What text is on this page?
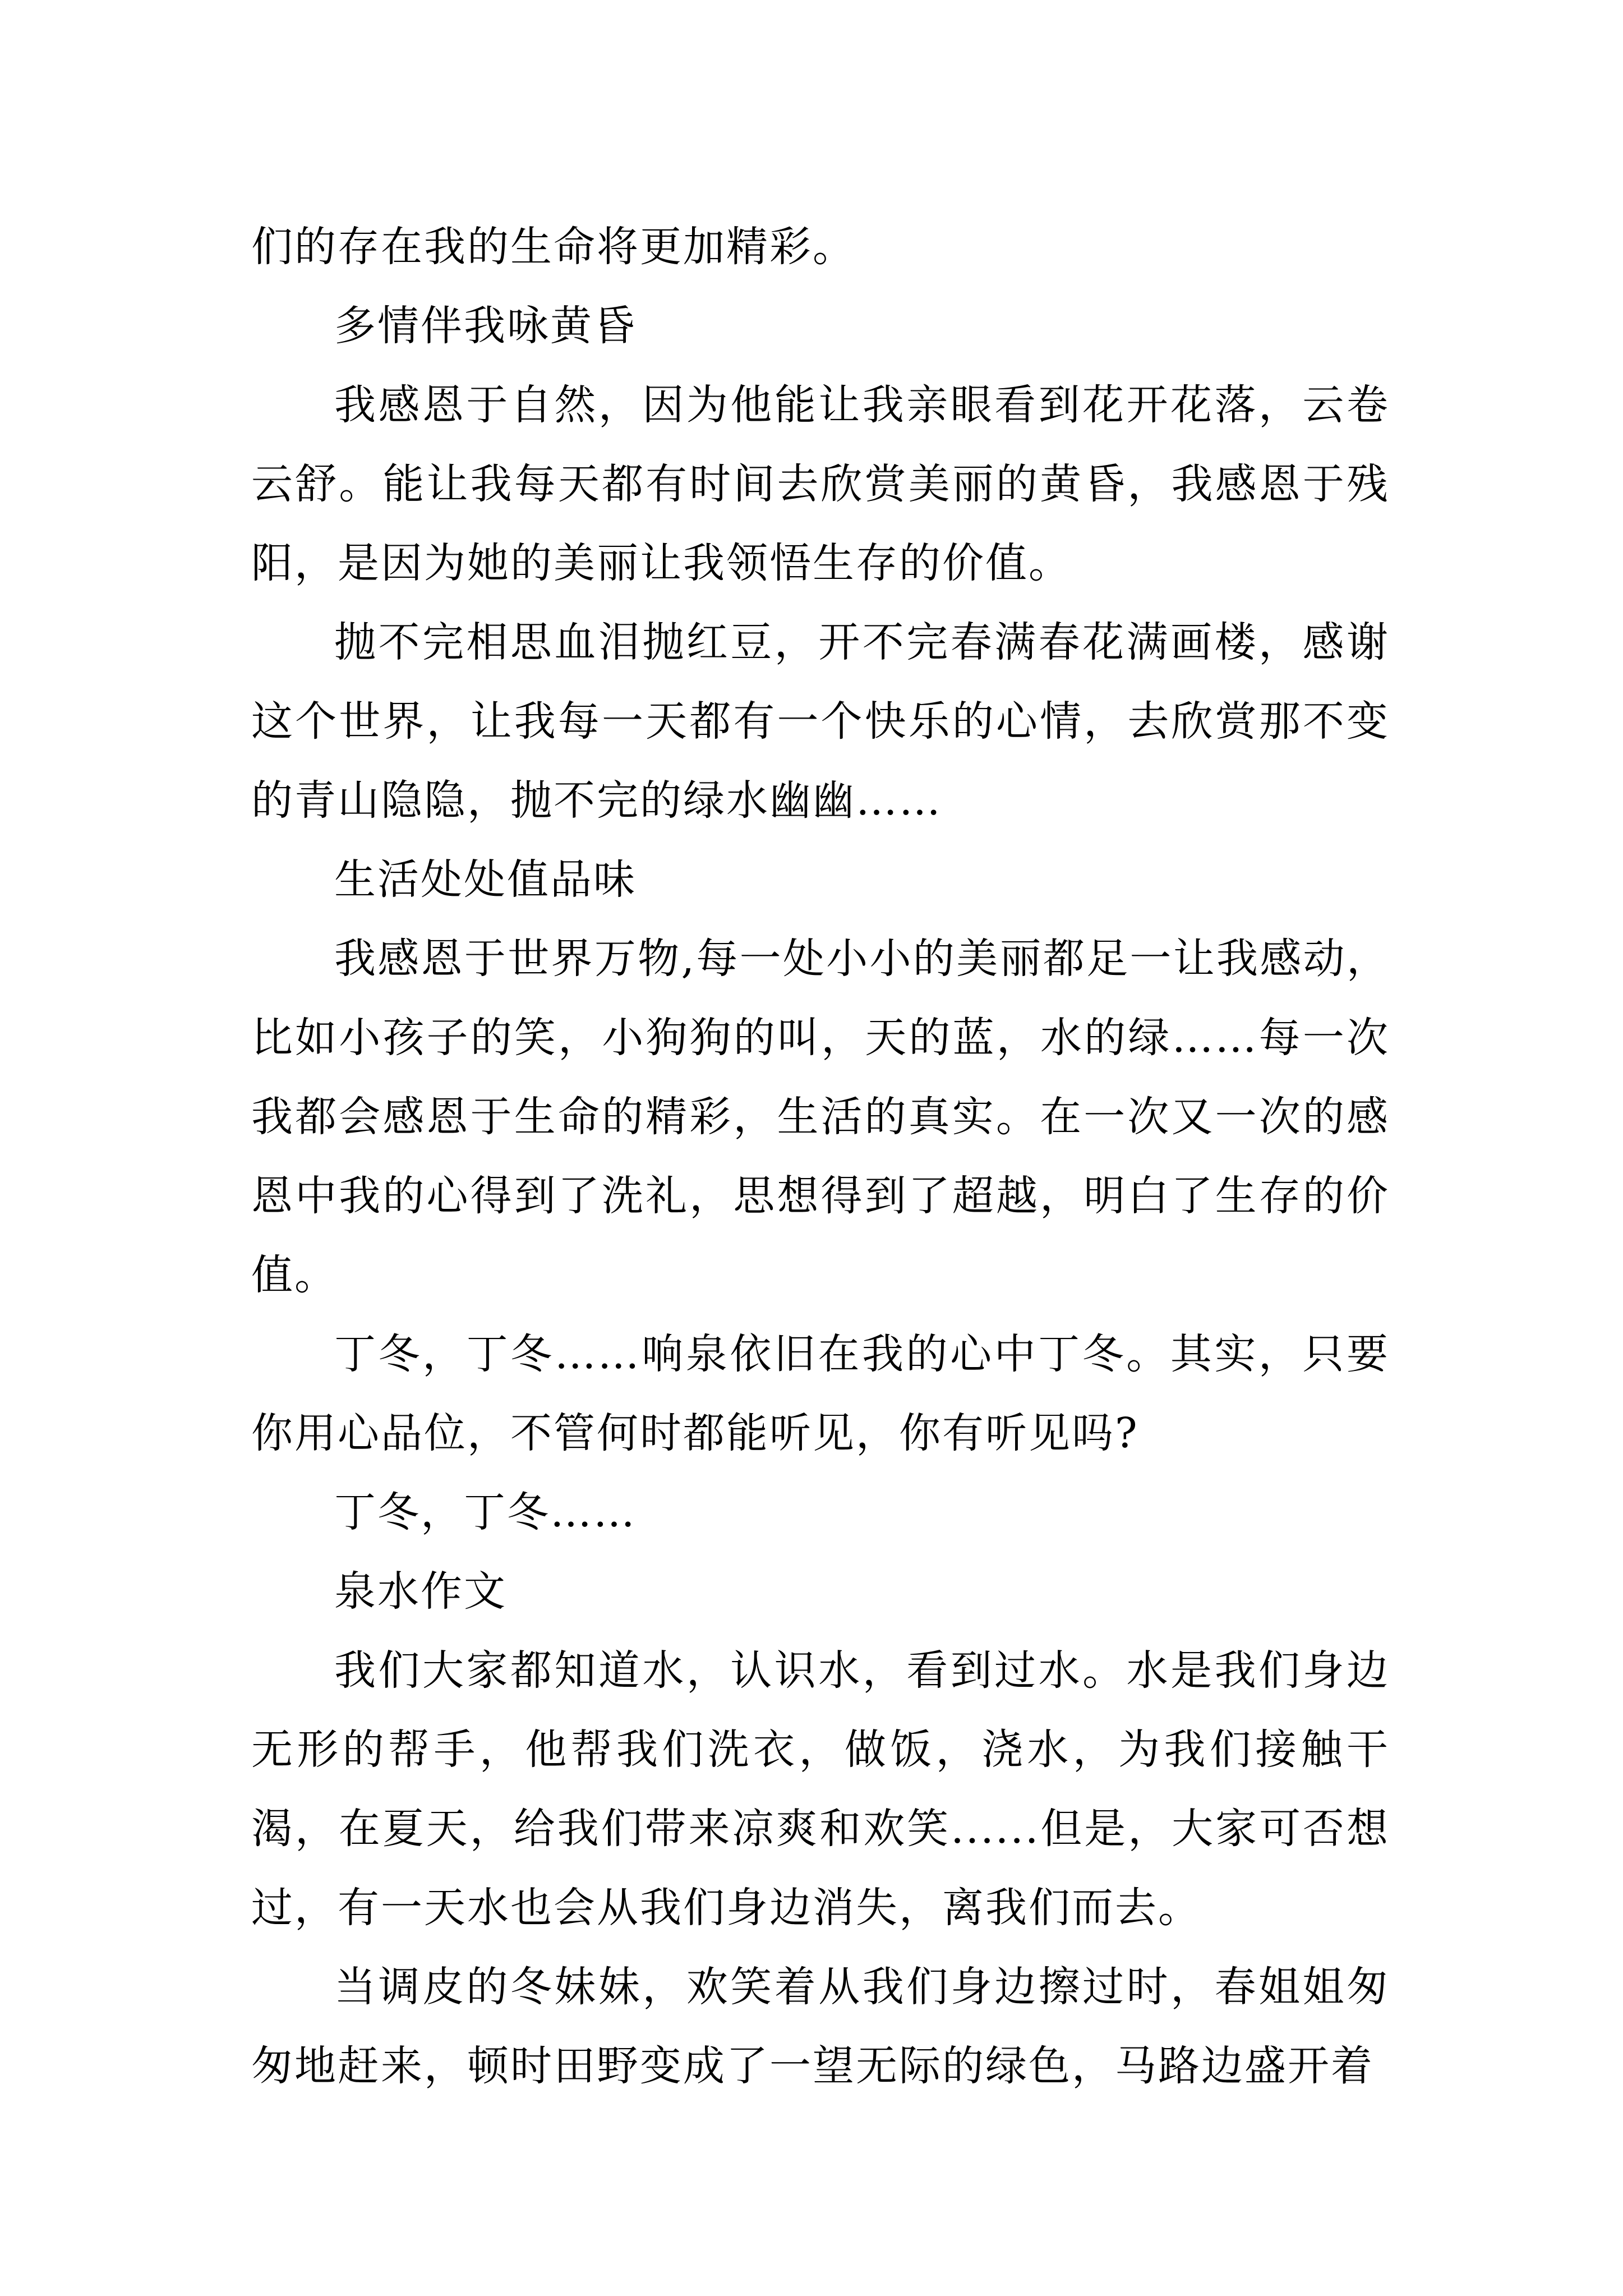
们的存在我的生命将更加精彩。

多情伴我咏黄昏

我感恩于自然，因为他能让我亲眼看到花开花落，云卷云舒。能让我每天都有时间去欣赏美丽的黄昏，我感恩于残阳，是因为她的美丽让我领悟生存的价值。

抛不完相思血泪抛红豆，开不完春满春花满画楼，感谢这个世界，让我每一天都有一个快乐的心情，去欣赏那不变的青山隐隐，抛不完的绿水幽幽……

生活处处值品味

我感恩于世界万物,每一处小小的美丽都足一让我感动，比如小孩子的笑，小狗狗的叫，天的蓝，水的绿……每一次我都会感恩于生命的精彩，生活的真实。在一次又一次的感恩中我的心得到了洗礼，思想得到了超越，明白了生存的价值。

丁冬，丁冬……响泉依旧在我的心中丁冬。其实，只要你用心品位，不管何时都能听见，你有听见吗?

丁冬，丁冬……

泉水作文

我们大家都知道水，认识水，看到过水。水是我们身边无形的帮手，他帮我们洗衣，做饭，浇水，为我们接触干渴，在夏天，给我们带来凉爽和欢笑......但是，大家可否想过，有一天水也会从我们身边消失，离我们而去。

当调皮的冬妹妹，欢笑着从我们身边擦过时，春姐姐匆匆地赶来，顿时田野变成了一望无际的绿色，马路边盛开着
